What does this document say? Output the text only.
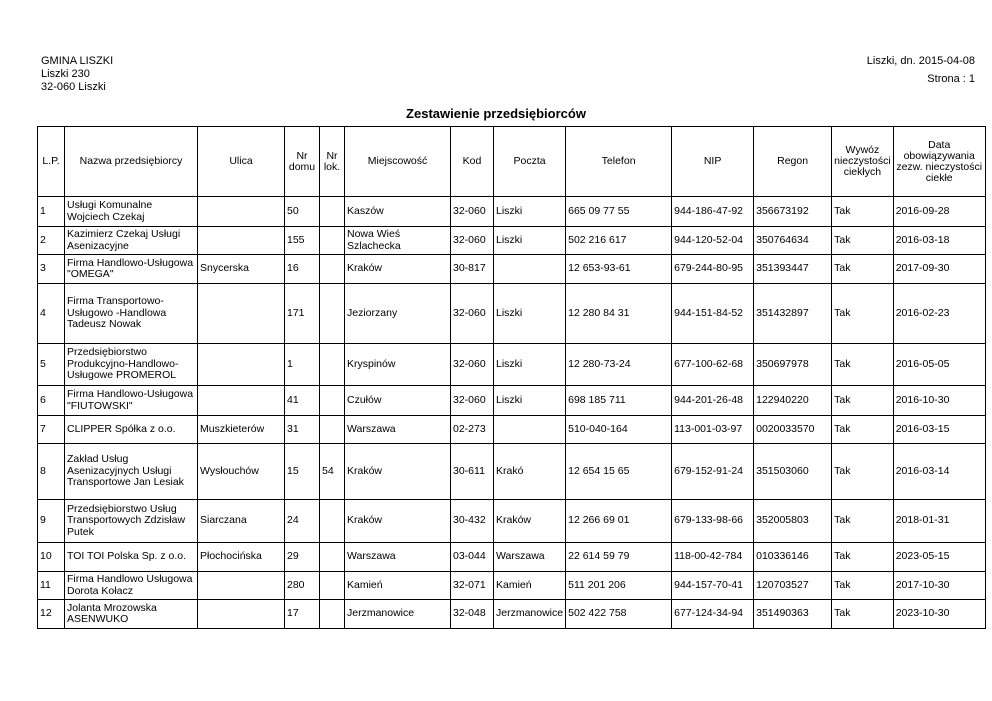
GMINA LISZKI
Liszki 230
32-060 Liszki
Liszki, dn. 2015-04-08
Strona : 1
Zestawienie przedsiębiorców
L.P.	Nazwa przedsiębiorcy	Ulica	Nr domu	Nr lok.	Miejscowość	Kod	Poczta	Telefon	NIP	Regon	Wywóz nieczystości ciekłych	Data obowiązywania zezw. nieczystości ciekłe
1	Usługi Komunalne Wojciech Czekaj		50		Kaszów	32-060	Liszki	665 09 77 55	944-186-47-92	356673192	Tak	2016-09-28
2	Kazimierz Czekaj Usługi Asenizacyjne		155		Nowa Wieś Szlachecka	32-060	Liszki	502 216 617	944-120-52-04	350764634	Tak	2016-03-18
3	Firma Handlowo-Usługowa "OMEGA"	Snycerska	16		Kraków	30-817		12 653-93-61	679-244-80-95	351393447	Tak	2017-09-30
4	Firma Transportowo-Usługowo -Handlowa Tadeusz Nowak		171		Jeziorzany	32-060	Liszki	12 280 84 31	944-151-84-52	351432897	Tak	2016-02-23
5	Przedsiębiorstwo Produkcyjno-Handlowo-Usługowe PROMEROL		1		Kryspinów	32-060	Liszki	12 280-73-24	677-100-62-68	350697978	Tak	2016-05-05
6	Firma Handlowo-Usługowa "FIUTOWSKI"		41		Czułów	32-060	Liszki	698 185 711	944-201-26-48	122940220	Tak	2016-10-30
7	CLIPPER Spółka z o.o.	Muszkieterów	31		Warszawa	02-273		510-040-164	113-001-03-97	0020033570	Tak	2016-03-15
8	Zakład Usług Asenizacyjnych Usługi Transportowe Jan Lesiak	Wysłouchów	15	54	Kraków	30-611	Krakó	12 654 15 65	679-152-91-24	351503060	Tak	2016-03-14
9	Przedsiębiorstwo Usług Transportowych Zdzisław Putek	Siarczana	24		Kraków	30-432	Kraków	12 266 69 01	679-133-98-66	352005803	Tak	2018-01-31
10	TOI TOI Polska Sp. z o.o.	Płochocińska	29		Warszawa	03-044	Warszawa	22 614 59 79	118-00-42-784	010336146	Tak	2023-05-15
11	Firma Handlowo Usługowa Dorota Kołacz		280		Kamień	32-071	Kamień	511 201 206	944-157-70-41	120703527	Tak	2017-10-30
12	Jolanta Mrozowska ASENWUKO		17		Jerzmanowice	32-048	Jerzmanowice	502 422 758	677-124-34-94	351490363	Tak	2023-10-30
